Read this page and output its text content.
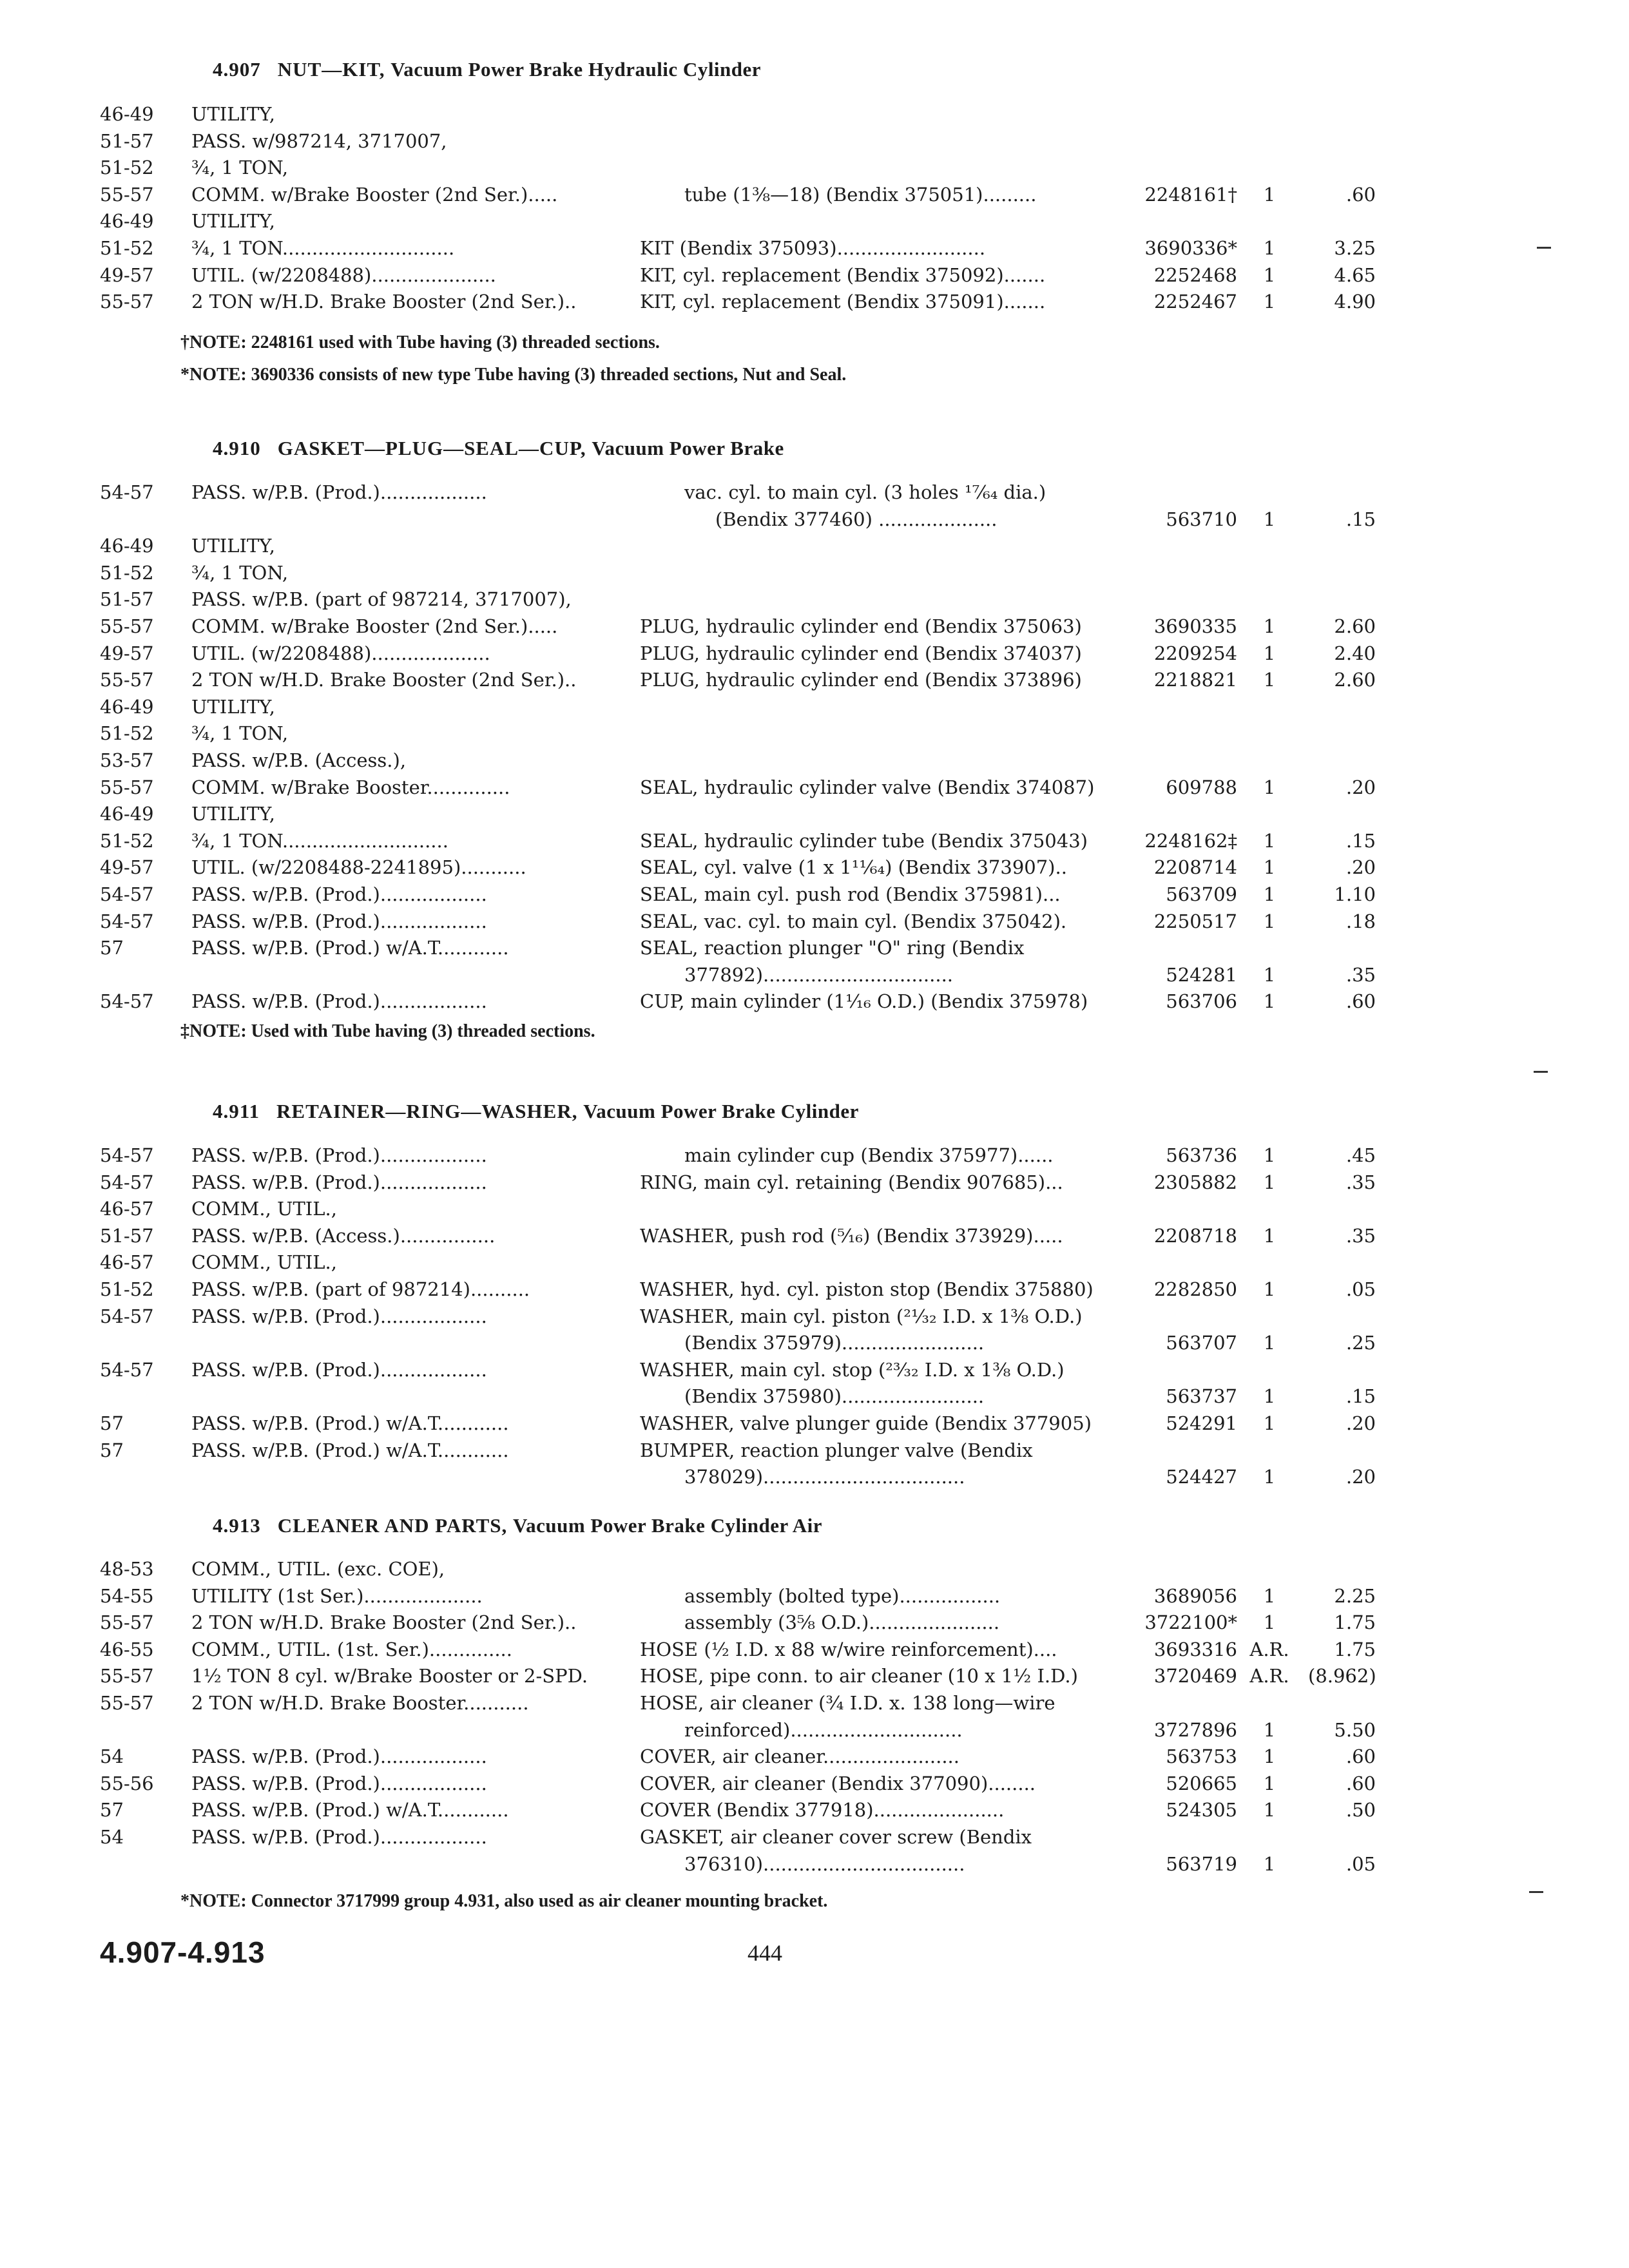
4.907 NUT—KIT, Vacuum Power Brake Hydraulic Cylinder
46-49 UTILITY,
51-57 PASS. w/987214, 3717007,
51-52 ¾, 1 TON,
55-57 COMM. w/Brake Booster (2nd Ser.).....	tube (1⅜—18) (Bendix 375051).........	2248161†	1	.60
46-49 UTILITY,
51-52 ¾, 1 TON.............................	KIT (Bendix 375093).........................	3690336*	1	3.25
49-57 UTIL. (w/2208488).....................	KIT, cyl. replacement (Bendix 375092).......	2252468	1	4.65
55-57 2 TON w/H.D. Brake Booster (2nd Ser.)..	KIT, cyl. replacement (Bendix 375091).......	2252467	1	4.90
†NOTE: 2248161 used with Tube having (3) threaded sections.
*NOTE: 3690336 consists of new type Tube having (3) threaded sections, Nut and Seal.
4.910 GASKET—PLUG—SEAL—CUP, Vacuum Power Brake
54-57 PASS. w/P.B. (Prod.)..................	vac. cyl. to main cyl. (3 holes ¹⁷⁄₆₄ dia.)
(Bendix 377460) ....................	563710	1	.15
46-49 UTILITY,
51-52 ¾, 1 TON,
51-57 PASS. w/P.B. (part of 987214, 3717007),
55-57 COMM. w/Brake Booster (2nd Ser.).....	PLUG, hydraulic cylinder end (Bendix 375063)	3690335	1	2.60
49-57 UTIL. (w/2208488)....................	PLUG, hydraulic cylinder end (Bendix 374037)	2209254	1	2.40
55-57 2 TON w/H.D. Brake Booster (2nd Ser.)..	PLUG, hydraulic cylinder end (Bendix 373896)	2218821	1	2.60
46-49 UTILITY,
51-52 ¾, 1 TON,
53-57 PASS. w/P.B. (Access.),
55-57 COMM. w/Brake Booster..............	SEAL, hydraulic cylinder valve (Bendix 374087)	609788	1	.20
46-49 UTILITY,
51-52 ¾, 1 TON............................	SEAL, hydraulic cylinder tube (Bendix 375043)	2248162‡	1	.15
49-57 UTIL. (w/2208488-2241895)...........	SEAL, cyl. valve (1 x 1¹¹⁄₆₄) (Bendix 373907)..	2208714	1	.20
54-57 PASS. w/P.B. (Prod.)..................	SEAL, main cyl. push rod (Bendix 375981)...	563709	1	1.10
54-57 PASS. w/P.B. (Prod.)..................	SEAL, vac. cyl. to main cyl. (Bendix 375042).	2250517	1	.18
57	PASS. w/P.B. (Prod.) w/A.T............	SEAL, reaction plunger "O" ring (Bendix
377892)................................	524281	1	.35
54-57 PASS. w/P.B. (Prod.)..................	CUP, main cylinder (1¹⁄₁₆ O.D.) (Bendix 375978)	563706	1	.60
‡NOTE: Used with Tube having (3) threaded sections.
4.911 RETAINER—RING—WASHER, Vacuum Power Brake Cylinder
54-57 PASS. w/P.B. (Prod.)..................	main cylinder cup (Bendix 375977)......	563736	1	.45
54-57 PASS. w/P.B. (Prod.)..................	RING, main cyl. retaining (Bendix 907685)...	2305882	1	.35
46-57 COMM., UTIL.,
51-57 PASS. w/P.B. (Access.)................	WASHER, push rod (⁵⁄₁₆) (Bendix 373929).....	2208718	1	.35
46-57 COMM., UTIL.,
51-52 PASS. w/P.B. (part of 987214)..........	WASHER, hyd. cyl. piston stop (Bendix 375880)	2282850	1	.05
54-57 PASS. w/P.B. (Prod.)..................	WASHER, main cyl. piston (²¹⁄₃₂ I.D. x 1⅜ O.D.)
(Bendix 375979)........................	563707	1	.25
54-57 PASS. w/P.B. (Prod.)..................	WASHER, main cyl. stop (²³⁄₃₂ I.D. x 1⅜ O.D.)
(Bendix 375980)........................	563737	1	.15
57	PASS. w/P.B. (Prod.) w/A.T............	WASHER, valve plunger guide (Bendix 377905)	524291	1	.20
57	PASS. w/P.B. (Prod.) w/A.T............	BUMPER, reaction plunger valve (Bendix
378029)..................................	524427	1	.20
4.913 CLEANER AND PARTS, Vacuum Power Brake Cylinder Air
48-53 COMM., UTIL. (exc. COE),
54-55 UTILITY (1st Ser.)....................	assembly (bolted type).................	3689056	1	2.25
55-57 2 TON w/H.D. Brake Booster (2nd Ser.)..	assembly (3⅝ O.D.)......................	3722100*	1	1.75
46-55 COMM., UTIL. (1st. Ser.)..............	HOSE (½ I.D. x 88 w/wire reinforcement)....	3693316 A.R.	1.75
55-57 1½ TON 8 cyl. w/Brake Booster or 2-SPD.	HOSE, pipe conn. to air cleaner (10 x 1½ I.D.)	3720469 A.R.	(8.962)
55-57 2 TON w/H.D. Brake Booster...........	HOSE, air cleaner (¾ I.D. x. 138 long—wire
reinforced).............................	3727896	1	5.50
54	PASS. w/P.B. (Prod.)..................	COVER, air cleaner.......................	563753	1	.60
55-56 PASS. w/P.B. (Prod.)..................	COVER, air cleaner (Bendix 377090)........	520665	1	.60
57	PASS. w/P.B. (Prod.) w/A.T............	COVER (Bendix 377918)......................	524305	1	.50
54	PASS. w/P.B. (Prod.)..................	GASKET, air cleaner cover screw (Bendix
376310)..................................	563719	1	.05
*NOTE: Connector 3717999 group 4.931, also used as air cleaner mounting bracket.
4.907-4.913	444
